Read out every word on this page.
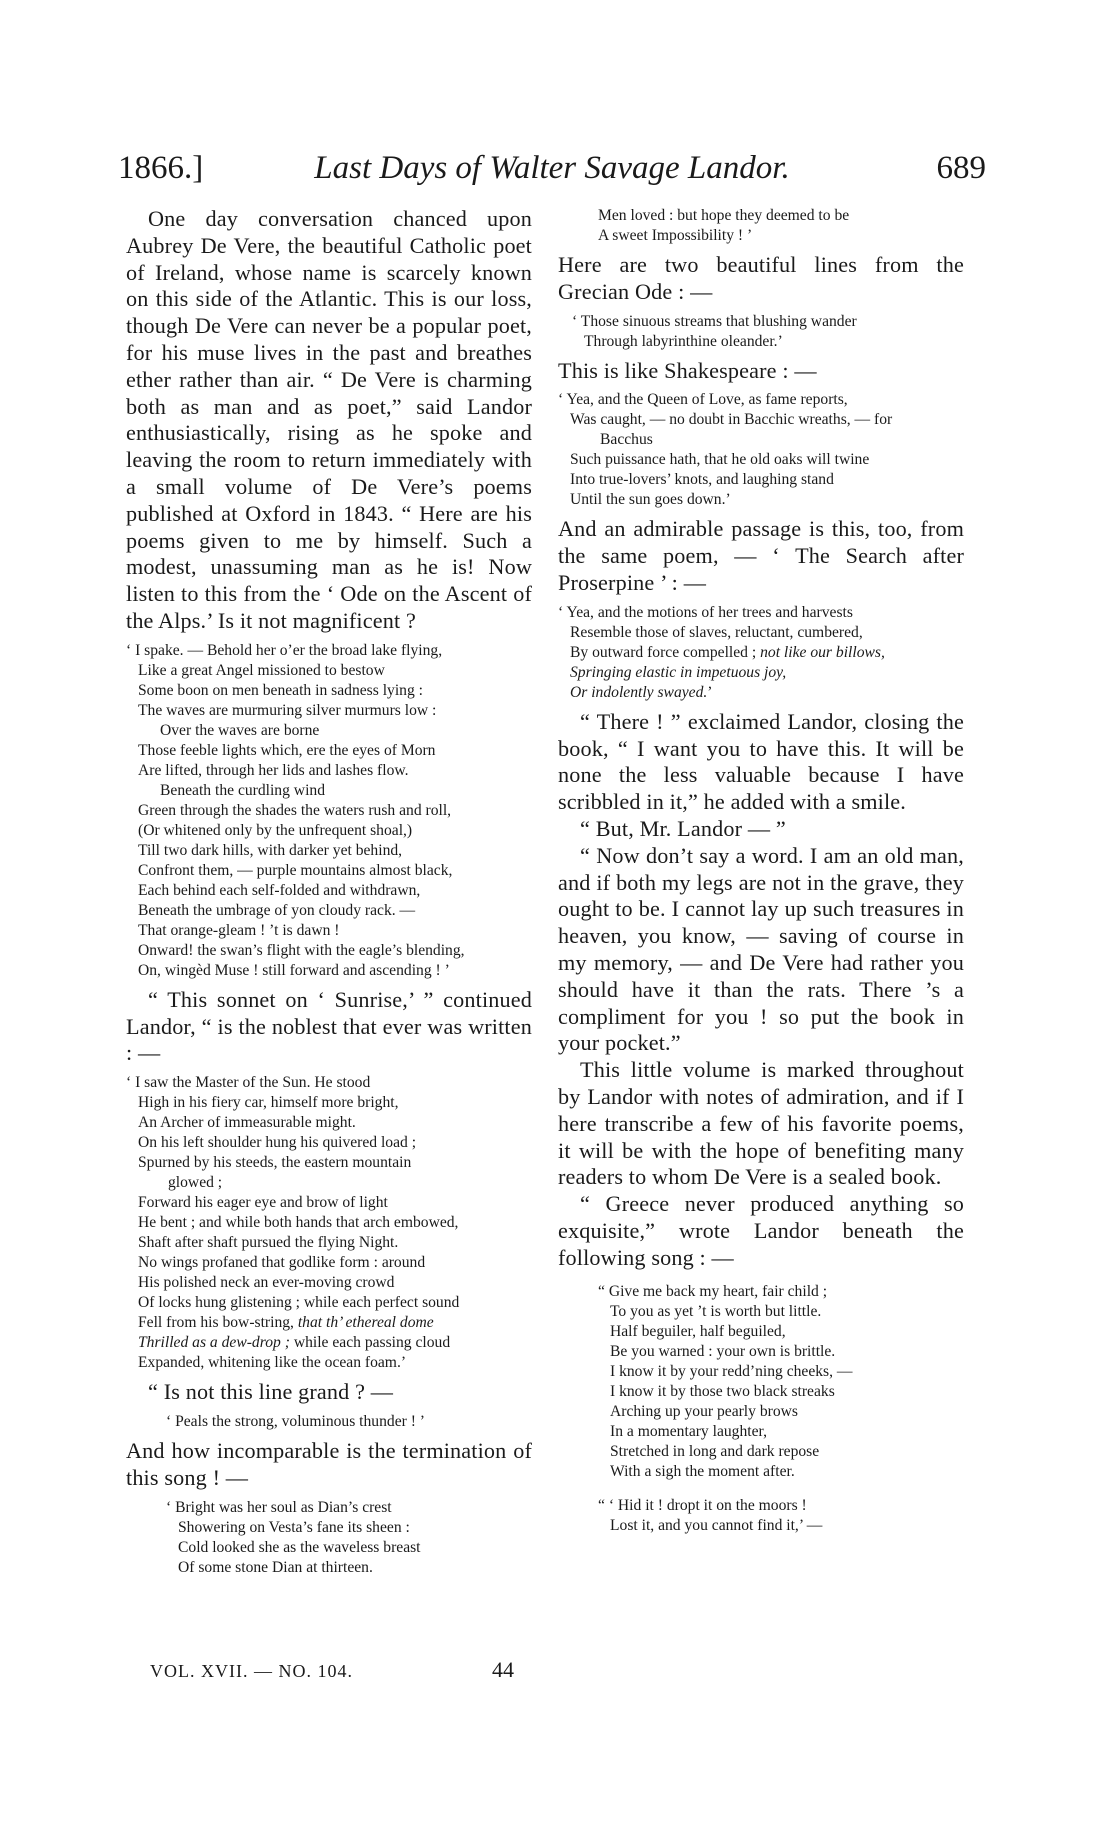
1866.]	Last Days of Walter Savage Landor.	689

One day conversation chanced upon Aubrey De Vere, the beautiful Catholic poet of Ireland, whose name is scarcely known on this side of the Atlantic. This is our loss, though De Vere can never be a popular poet, for his muse lives in the past and breathes ether rather than air. “ De Vere is charming both as man and as poet,” said Landor enthusiastically, rising as he spoke and leaving the room to return immediately with a small volume of De Vere’s poems published at Oxford in 1843. “ Here are his poems given to me by himself. Such a modest, unassuming man as he is! Now listen to this from the ‘ Ode on the Ascent of the Alps.’ Is it not magnificent ?

‘ I spake. — Behold her o’er the broad lake flying,
Like a great Angel missioned to bestow
Some boon on men beneath in sadness lying :
The waves are murmuring silver murmurs low :
Over the waves are borne
Those feeble lights which, ere the eyes of Morn
Are lifted, through her lids and lashes flow.
Beneath the curdling wind
Green through the shades the waters rush and roll,
(Or whitened only by the unfrequent shoal,)
Till two dark hills, with darker yet behind,
Confront them, — purple mountains almost black,
Each behind each self-folded and withdrawn,
Beneath the umbrage of yon cloudy rack. —
That orange-gleam ! ’t is dawn !
Onward! the swan’s flight with the eagle’s blending,
On, wingèd Muse ! still forward and ascending ! ’

“ This sonnet on ‘ Sunrise,’ ” continued Landor, “ is the noblest that ever was written : —

‘ I saw the Master of the Sun. He stood
High in his fiery car, himself more bright,
An Archer of immeasurable might.
On his left shoulder hung his quivered load ;
Spurned by his steeds, the eastern mountain
glowed ;
Forward his eager eye and brow of light
He bent ; and while both hands that arch embowed,
Shaft after shaft pursued the flying Night.
No wings profaned that godlike form : around
His polished neck an ever-moving crowd
Of locks hung glistening ; while each perfect sound
Fell from his bow-string, that th’ ethereal dome
Thrilled as a dew-drop ; while each passing cloud
Expanded, whitening like the ocean foam.’

“ Is not this line grand ? —

‘ Peals the strong, voluminous thunder ! ’

And how incomparable is the termination of this song ! —

‘ Bright was her soul as Dian’s crest
Showering on Vesta’s fane its sheen :
Cold looked she as the waveless breast
Of some stone Dian at thirteen.
Men loved : but hope they deemed to be
A sweet Impossibility ! ’

Here are two beautiful lines from the Grecian Ode : —

‘ Those sinuous streams that blushing wander
Through labyrinthine oleander.’

This is like Shakespeare : —

‘ Yea, and the Queen of Love, as fame reports,
Was caught, — no doubt in Bacchic wreaths, — for
Bacchus
Such puissance hath, that he old oaks will twine
Into true-lovers’ knots, and laughing stand
Until the sun goes down.’

And an admirable passage is this, too, from the same poem, — ‘ The Search after Proserpine ’ : —

‘ Yea, and the motions of her trees and harvests
Resemble those of slaves, reluctant, cumbered,
By outward force compelled ; not like our billows,
Springing elastic in impetuous joy,
Or indolently swayed.’

“ There ! ” exclaimed Landor, closing the book, “ I want you to have this. It will be none the less valuable because I have scribbled in it,” he added with a smile.

“ But, Mr. Landor — ”

“ Now don’t say a word. I am an old man, and if both my legs are not in the grave, they ought to be. I cannot lay up such treasures in heaven, you know, — saving of course in my memory, — and De Vere had rather you should have it than the rats. There ’s a compliment for you ! so put the book in your pocket.”

This little volume is marked throughout by Landor with notes of admiration, and if I here transcribe a few of his favorite poems, it will be with the hope of benefiting many readers to whom De Vere is a sealed book.

“ Greece never produced anything so exquisite,” wrote Landor beneath the following song : —

“ Give me back my heart, fair child ;
To you as yet ’t is worth but little.
Half beguiler, half beguiled,
Be you warned : your own is brittle.
I know it by your redd’ning cheeks, —
I know it by those two black streaks
Arching up your pearly brows
In a momentary laughter,
Stretched in long and dark repose
With a sigh the moment after.
“ ‘ Hid it ! dropt it on the moors !
Lost it, and you cannot find it,’ —
VOL. XVII. — NO. 104.	44
